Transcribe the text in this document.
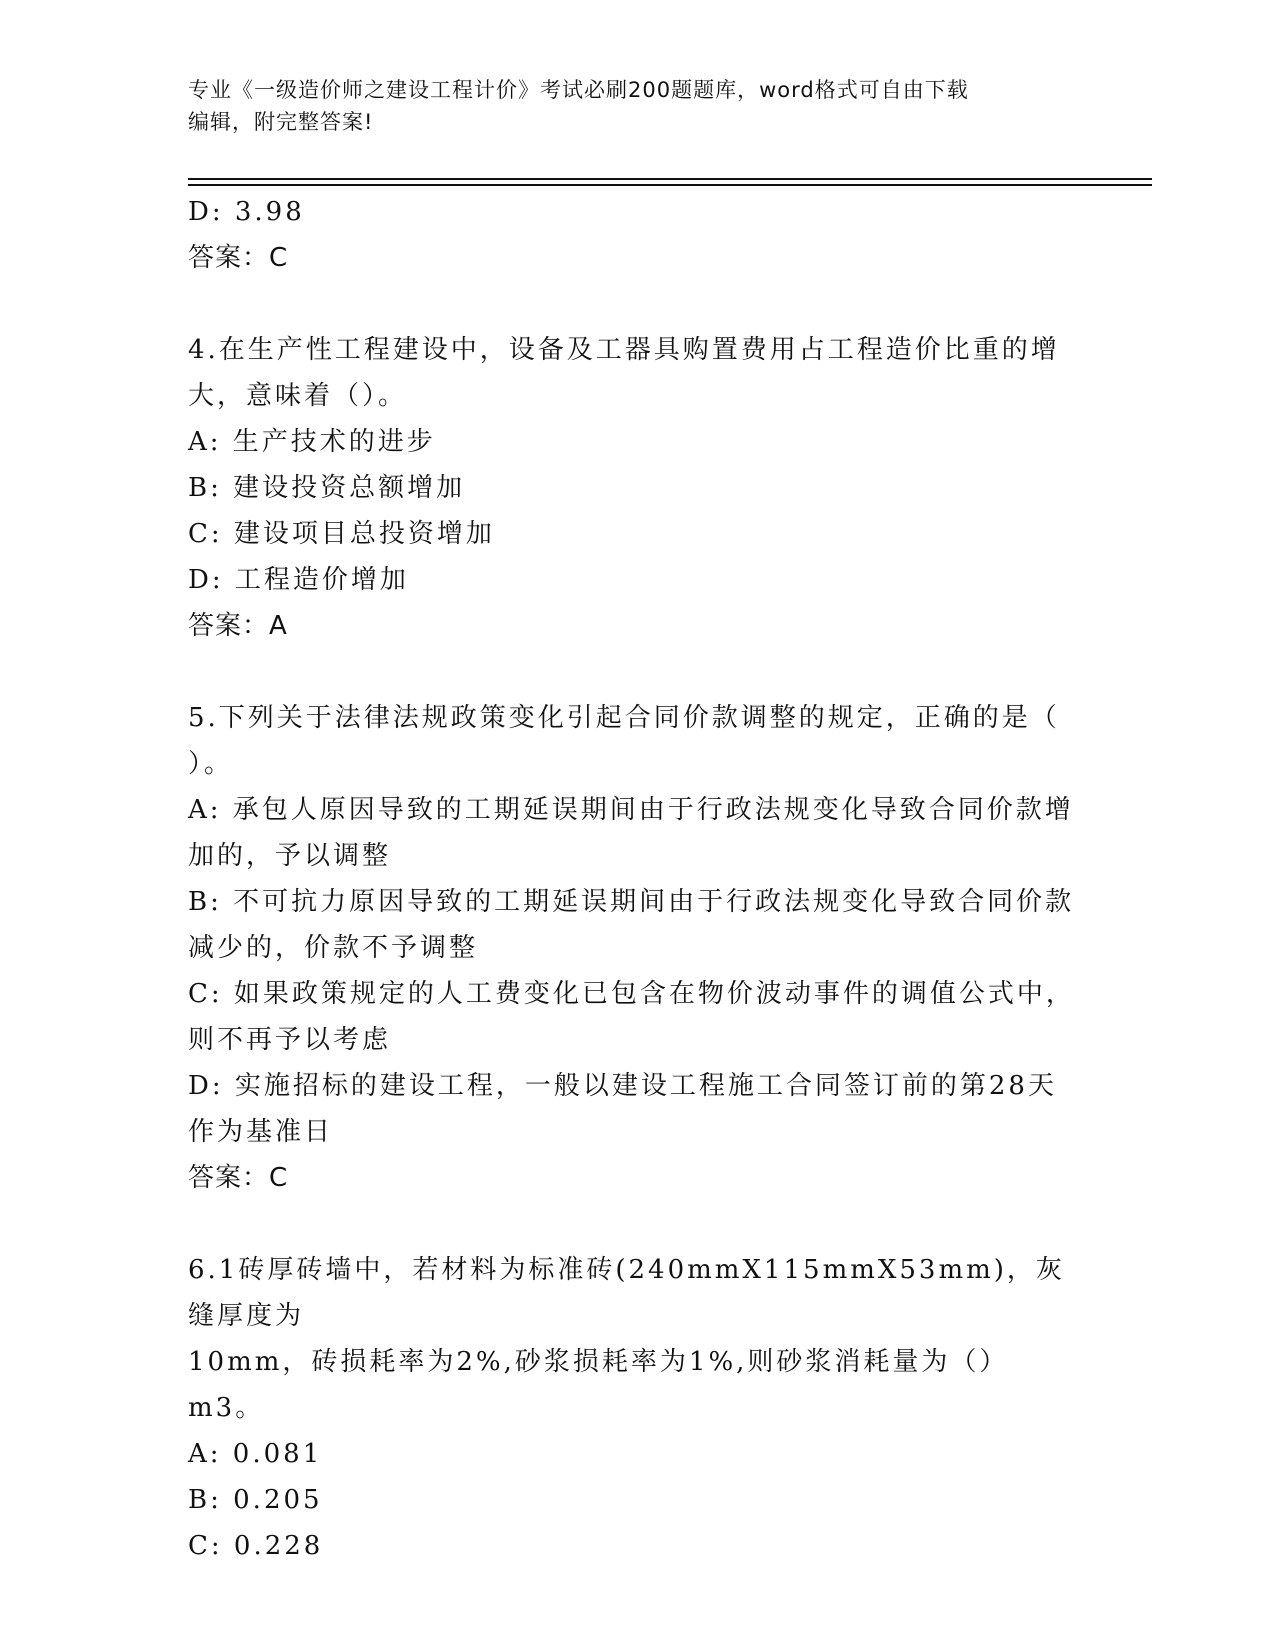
专业《一级造价师之建设工程计价》考试必刷200题题库，word格式可自由下载

编辑，附完整答案!

D: 3.98

答案：C

4.在生产性工程建设中，设备及工器具购置费用占工程造价比重的增

大，意味着（）。

A: 生产技术的进步

B: 建设投资总额增加

C: 建设项目总投资增加

D: 工程造价增加

答案：A

5.下列关于法律法规政策变化引起合同价款调整的规定，正确的是（

）。

A: 承包人原因导致的工期延误期间由于行政法规变化导致合同价款增

加的，予以调整

B: 不可抗力原因导致的工期延误期间由于行政法规变化导致合同价款

减少的，价款不予调整

C: 如果政策规定的人工费变化已包含在物价波动事件的调值公式中，

则不再予以考虑

D: 实施招标的建设工程，一般以建设工程施工合同签订前的第28天

作为基准日

答案：C

6.1砖厚砖墙中，若材料为标准砖(240mmX115mmX53mm)，灰缝厚度为

10mm，砖损耗率为2%,砂浆损耗率为1%,则砂浆消耗量为（）m3。

A: 0.081

B: 0.205

C: 0.228
